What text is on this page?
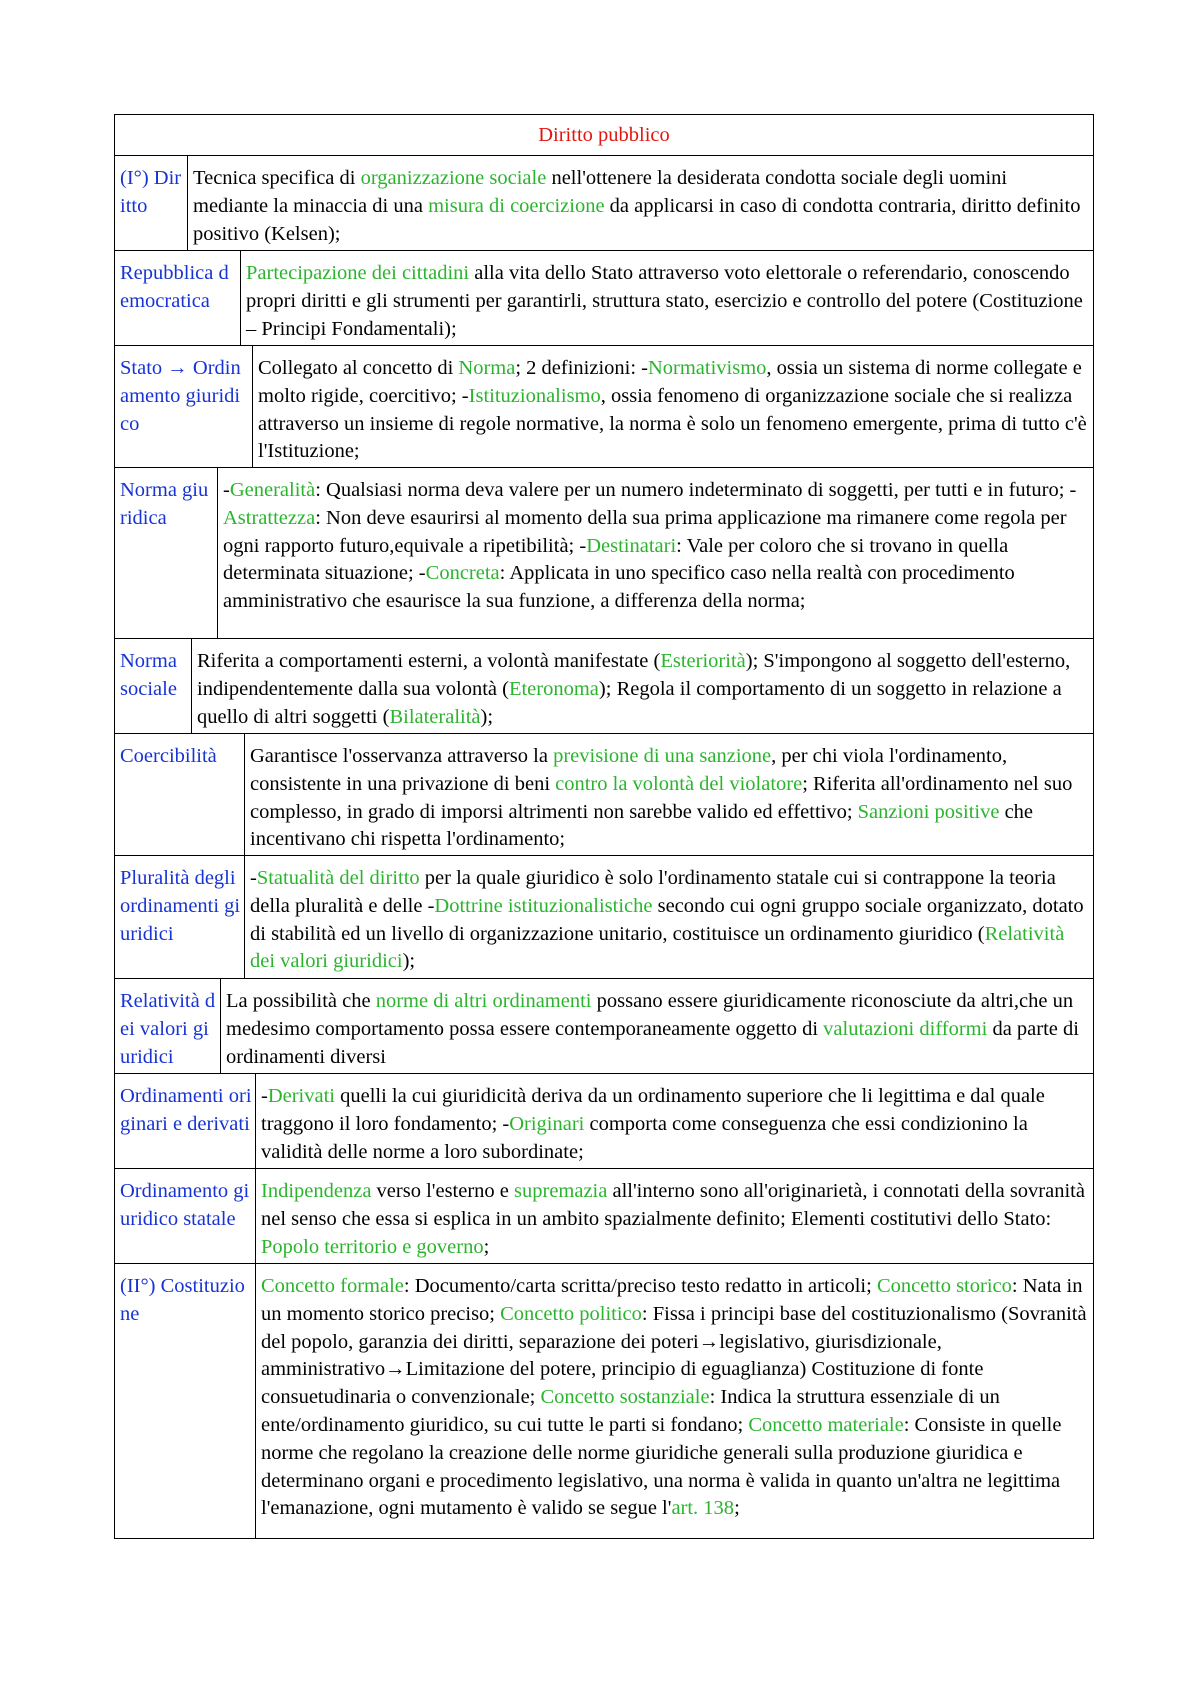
Diritto pubblico
(I°) Diritto
Tecnica specifica di organizzazione sociale nell'ottenere la desiderata condotta sociale degli uomini mediante la minaccia di una misura di coercizione da applicarsi in caso di condotta contraria, diritto definito positivo (Kelsen);
Repubblica democratica
Partecipazione dei cittadini alla vita dello Stato attraverso voto elettorale o referendario, conoscendo propri diritti e gli strumenti per garantirli, struttura stato, esercizio e controllo del potere (Costituzione – Principi Fondamentali);
Stato → Ordinamento giuridico
Collegato al concetto di Norma; 2 definizioni: -Normativismo, ossia un sistema di norme collegate e molto rigide, coercitivo; -Istituzionalismo, ossia fenomeno di organizzazione sociale che si realizza attraverso un insieme di regole normative, la norma è solo un fenomeno emergente, prima di tutto c'è l'Istituzione;
Norma giuridica
-Generalità: Qualsiasi norma deva valere per un numero indeterminato di soggetti, per tutti e in futuro; -Astrattezza: Non deve esaurirsi al momento della sua prima applicazione ma rimanere come regola per ogni rapporto futuro,equivale a ripetibilità; -Destinatari: Vale per coloro che si trovano in quella determinata situazione; -Concreta: Applicata in uno specifico caso nella realtà con procedimento amministrativo che esaurisce la sua funzione, a differenza della norma;
Norma sociale
Riferita a comportamenti esterni, a volontà manifestate (Esteriorità); S'impongono al soggetto dell'esterno, indipendentemente dalla sua volontà (Eteronoma); Regola il comportamento di un soggetto in relazione a quello di altri soggetti (Bilateralità);
Coercibilità	Garantisce l'osservanza attraverso la previsione di una sanzione, per chi viola l'ordinamento, consistente in una privazione di beni contro la volontà del violatore; Riferita all'ordinamento nel suo complesso, in grado di imporsi altrimenti non sarebbe valido ed effettivo; Sanzioni positive che incentivano chi rispetta l'ordinamento;
Pluralità degli ordinamenti giuridici
-Statualità del diritto per la quale giuridico è solo l'ordinamento statale cui si contrappone la teoria della pluralità e delle -Dottrine istituzionalistiche secondo cui ogni gruppo sociale organizzato, dotato di stabilità ed un livello di organizzazione unitario, costituisce un ordinamento giuridico (Relatività dei valori giuridici);
Relatività dei valori giuridici
La possibilità che norme di altri ordinamenti possano essere giuridicamente riconosciute da altri,che un medesimo comportamento possa essere contemporaneamente oggetto di valutazioni difformi da parte di ordinamenti diversi
Ordinamenti originari e derivati
-Derivati quelli la cui giuridicità deriva da un ordinamento superiore che li legittima e dal quale traggono il loro fondamento; -Originari comporta come conseguenza che essi condizionino la validità delle norme a loro subordinate;
Ordinamento giuridico statale
Indipendenza verso l'esterno e supremazia all'interno sono all'originarietà, i connotati della sovranità nel senso che essa si esplica in un ambito spazialmente definito; Elementi costitutivi dello Stato: Popolo territorio e governo;
(II°) Costituzione
Concetto formale: Documento/carta scritta/preciso testo redatto in articoli; Concetto storico: Nata in un momento storico preciso; Concetto politico: Fissa i principi base del costituzionalismo (Sovranità del popolo, garanzia dei diritti, separazione dei poteri→legislativo, giurisdizionale, amministrativo→Limitazione del potere, principio di eguaglianza) Costituzione di fonte consuetudinaria o convenzionale; Concetto sostanziale: Indica la struttura essenziale di un ente/ordinamento giuridico, su cui tutte le parti si fondano; Concetto materiale: Consiste in quelle norme che regolano la creazione delle norme giuridiche generali sulla produzione giuridica e determinano organi e procedimento legislativo, una norma è valida in quanto un'altra ne legittima l'emanazione, ogni mutamento è valido se segue l'art. 138;
